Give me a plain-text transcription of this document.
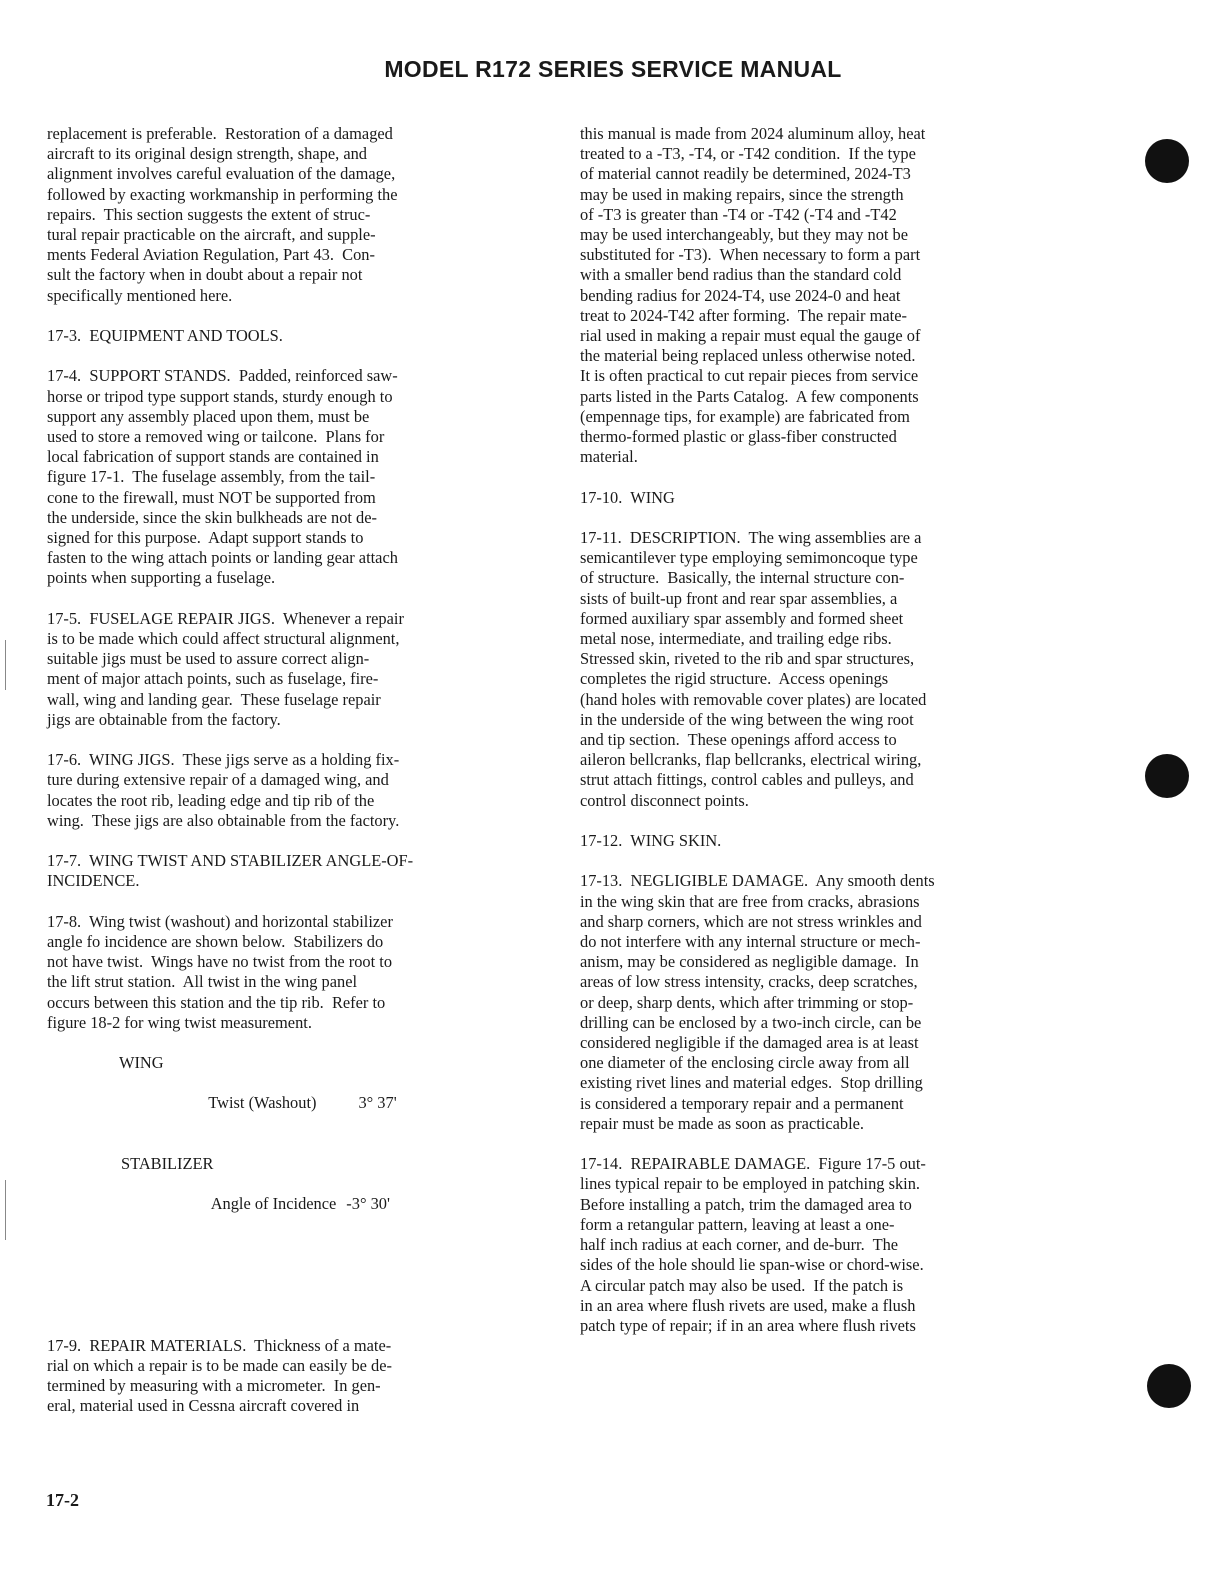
MODEL R172 SERIES SERVICE MANUAL
replacement is preferable.  Restoration of a damaged
aircraft to its original design strength, shape, and
alignment involves careful evaluation of the damage,
followed by exacting workmanship in performing the
repairs.  This section suggests the extent of struc-
tural repair practicable on the aircraft, and supple-
ments Federal Aviation Regulation, Part 43.  Con-
sult the factory when in doubt about a repair not
specifically mentioned here.
17-3.  EQUIPMENT AND TOOLS.
17-4.  SUPPORT STANDS.  Padded, reinforced saw-
horse or tripod type support stands, sturdy enough to
support any assembly placed upon them, must be
used to store a removed wing or tailcone.  Plans for
local fabrication of support stands are contained in
figure 17-1.  The fuselage assembly, from the tail-
cone to the firewall, must NOT be supported from
the underside, since the skin bulkheads are not de-
signed for this purpose.  Adapt support stands to
fasten to the wing attach points or landing gear attach
points when supporting a fuselage.
17-5.  FUSELAGE REPAIR JIGS.  Whenever a repair
is to be made which could affect structural alignment,
suitable jigs must be used to assure correct align-
ment of major attach points, such as fuselage, fire-
wall, wing and landing gear.  These fuselage repair
jigs are obtainable from the factory.
17-6.  WING JIGS.  These jigs serve as a holding fix-
ture during extensive repair of a damaged wing, and
locates the root rib, leading edge and tip rib of the
wing.  These jigs are also obtainable from the factory.
17-7.  WING TWIST AND STABILIZER ANGLE-OF-
INCIDENCE.
17-8.  Wing twist (washout) and horizontal stabilizer
angle fo incidence are shown below.  Stabilizers do
not have twist.  Wings have no twist from the root to
the lift strut station.  All twist in the wing panel
occurs between this station and the tip rib.  Refer to
figure 18-2 for wing twist measurement.
WING

Twist (Washout)	3° 37'

STABILIZER

Angle of Incidence -3° 30'

17-9.  REPAIR MATERIALS.  Thickness of a mate-
rial on which a repair is to be made can easily be de-
termined by measuring with a micrometer.  In gen-
eral, material used in Cessna aircraft covered in
this manual is made from 2024 aluminum alloy, heat
treated to a -T3, -T4, or -T42 condition.  If the type
of material cannot readily be determined, 2024-T3
may be used in making repairs, since the strength
of -T3 is greater than -T4 or -T42 (-T4 and -T42
may be used interchangeably, but they may not be
substituted for -T3).  When necessary to form a part
with a smaller bend radius than the standard cold
bending radius for 2024-T4, use 2024-0 and heat
treat to 2024-T42 after forming.  The repair mate-
rial used in making a repair must equal the gauge of
the material being replaced unless otherwise noted.
It is often practical to cut repair pieces from service
parts listed in the Parts Catalog.  A few components
(empennage tips, for example) are fabricated from
thermo-formed plastic or glass-fiber constructed
material.
17-10.  WING
17-11.  DESCRIPTION.  The wing assemblies are a
semicantilever type employing semimoncoque type
of structure.  Basically, the internal structure con-
sists of built-up front and rear spar assemblies, a
formed auxiliary spar assembly and formed sheet
metal nose, intermediate, and trailing edge ribs.
Stressed skin, riveted to the rib and spar structures,
completes the rigid structure.  Access openings
(hand holes with removable cover plates) are located
in the underside of the wing between the wing root
and tip section.  These openings afford access to
aileron bellcranks, flap bellcranks, electrical wiring,
strut attach fittings, control cables and pulleys, and
control disconnect points.
17-12.  WING SKIN.
17-13.  NEGLIGIBLE DAMAGE.  Any smooth dents
in the wing skin that are free from cracks, abrasions
and sharp corners, which are not stress wrinkles and
do not interfere with any internal structure or mech-
anism, may be considered as negligible damage.  In
areas of low stress intensity, cracks, deep scratches,
or deep, sharp dents, which after trimming or stop-
drilling can be enclosed by a two-inch circle, can be
considered negligible if the damaged area is at least
one diameter of the enclosing circle away from all
existing rivet lines and material edges.  Stop drilling
is considered a temporary repair and a permanent
repair must be made as soon as practicable.
17-14.  REPAIRABLE DAMAGE.  Figure 17-5 out-
lines typical repair to be employed in patching skin.
Before installing a patch, trim the damaged area to
form a retangular pattern, leaving at least a one-
half inch radius at each corner, and de-burr.  The
sides of the hole should lie span-wise or chord-wise.
A circular patch may also be used.  If the patch is
in an area where flush rivets are used, make a flush
patch type of repair; if in an area where flush rivets
17-2
